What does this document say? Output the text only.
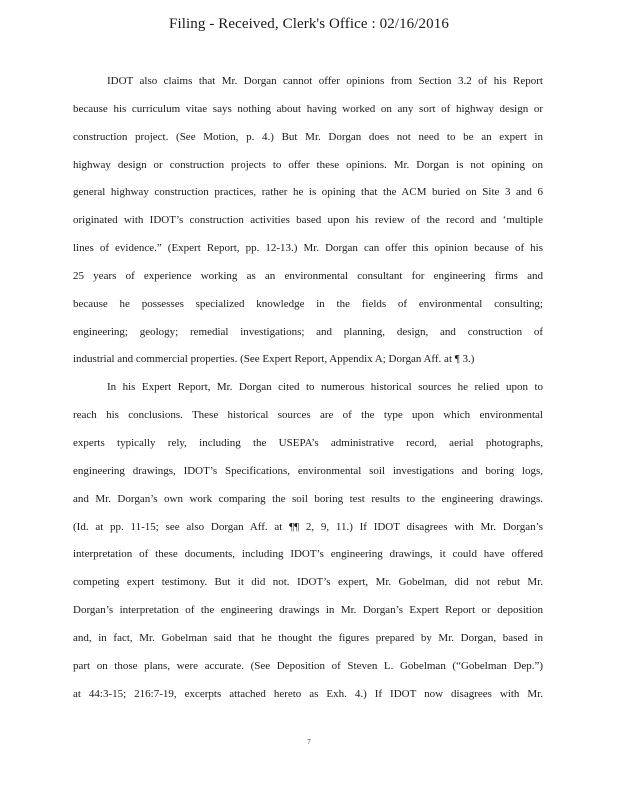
Filing - Received, Clerk's Office : 02/16/2016
IDOT also claims that Mr. Dorgan cannot offer opinions from Section 3.2 of his Report
because his curriculum vitae says nothing about having worked on any sort of highway design or
construction project. (See Motion, p. 4.) But Mr. Dorgan does not need to be an expert in
highway design or construction projects to offer these opinions. Mr. Dorgan is not opining on
general highway construction practices, rather he is opining that the ACM buried on Site 3 and 6
originated with IDOT’s construction activities based upon his review of the record and ‘multiple
lines of evidence.” (Expert Report, pp. 12-13.) Mr. Dorgan can offer this opinion because of his
25 years of experience working as an environmental consultant for engineering firms and
because he possesses specialized knowledge in the fields of environmental consulting;
engineering; geology; remedial investigations; and planning, design, and construction of
industrial and commercial properties. (See Expert Report, Appendix A; Dorgan Aff. at ¶ 3.)
In his Expert Report, Mr. Dorgan cited to numerous historical sources he relied upon to
reach his conclusions. These historical sources are of the type upon which environmental
experts typically rely, including the USEPA’s administrative record, aerial photographs,
engineering drawings, IDOT’s Specifications, environmental soil investigations and boring logs,
and Mr. Dorgan’s own work comparing the soil boring test results to the engineering drawings.
(Id. at pp. 11-15; see also Dorgan Aff. at ¶¶ 2, 9, 11.) If IDOT disagrees with Mr. Dorgan’s
interpretation of these documents, including IDOT’s engineering drawings, it could have offered
competing expert testimony. But it did not. IDOT’s expert, Mr. Gobelman, did not rebut Mr.
Dorgan’s interpretation of the engineering drawings in Mr. Dorgan’s Expert Report or deposition
and, in fact, Mr. Gobelman said that he thought the figures prepared by Mr. Dorgan, based in
part on those plans, were accurate. (See Deposition of Steven L. Gobelman (“Gobelman Dep.”)
at 44:3-15; 216:7-19, excerpts attached hereto as Exh. 4.) If IDOT now disagrees with Mr.
7
